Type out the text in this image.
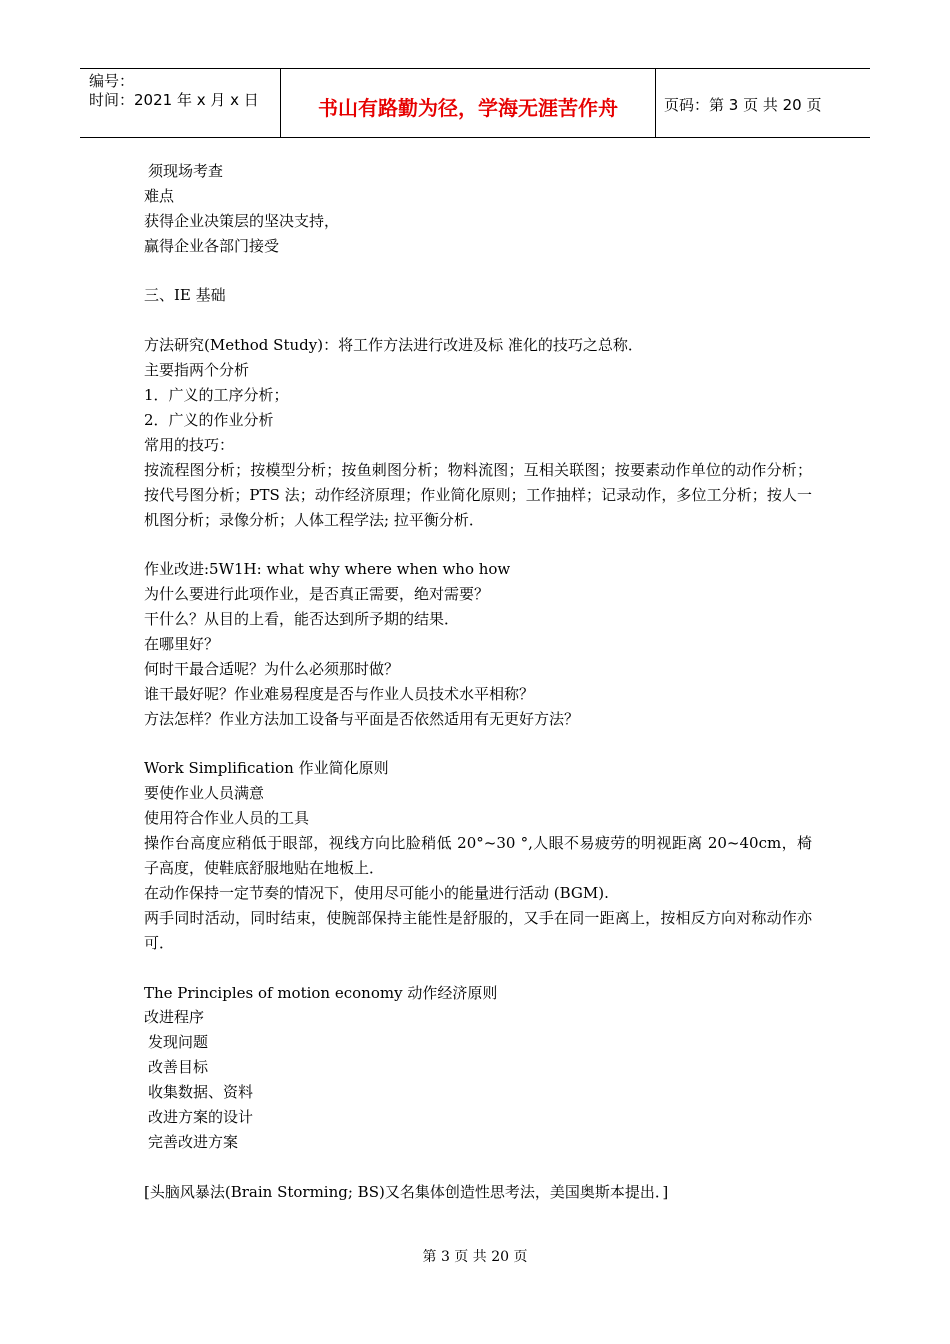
编号：
时间：2021 年 x 月 x 日	书山有路勤为径，学海无涯苦作舟	页码：第 3 页 共 20 页
须现场考查
难点
获得企业决策层的坚决支持，
赢得企业各部门接受
三、IE 基础
方法研究(Method Study)：将工作方法进行改进及标 准化的技巧之总称．
主要指两个分析
1．广义的工序分析；
2．广义的作业分析
常用的技巧：
按流程图分析；按模型分析；按鱼刺图分析；物料流图；互相关联图；按要素动作单位的动作分析；按代号图分析；PTS 法；动作经济原理；作业简化原则；工作抽样；记录动作，多位工分析；按人一机图分析；录像分析；人体工程学法; 拉平衡分析．
作业改进:5W1H: what why where when who how
为什么要进行此项作业，是否真正需要，绝对需要？
干什么？从目的上看，能否达到所予期的结果．
在哪里好？
何时干最合适呢？为什么必须那时做？
谁干最好呢？作业难易程度是否与作业人员技术水平相称？
方法怎样？作业方法加工设备与平面是否依然适用有无更好方法？
Work Simplification 作业简化原则
要使作业人员满意
使用符合作业人员的工具
操作台高度应稍低于眼部，视线方向比脸稍低 20°~30 °,人眼不易疲劳的明视距离 20~40cm，椅子高度，使鞋底舒服地贴在地板上．
在动作保持一定节奏的情况下，使用尽可能小的能量进行活动 (BGM).
两手同时活动，同时结束，使腕部保持主能性是舒服的，又手在同一距离上，按相反方向对称动作亦可．
The Principles of motion economy 动作经济原则
改进程序
发现问题
改善目标
收集数据、资料
改进方案的设计
完善改进方案
[头脑风暴法(Brain Storming; BS)又名集体创造性思考法，美国奥斯本提出．]
第 3 页 共 20 页
